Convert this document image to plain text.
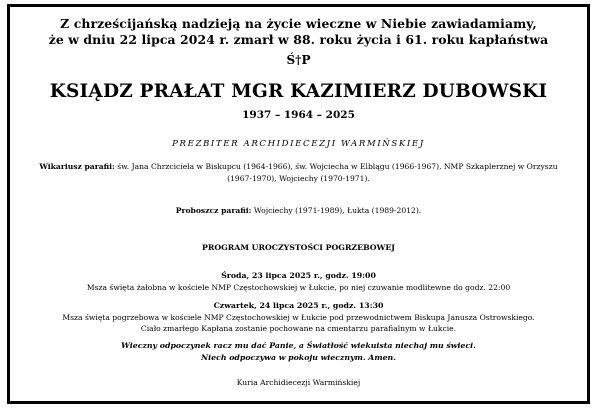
Z chrześcijańską nadzieją na życie wieczne w Niebie zawiadamiamy,
że w dniu 22 lipca 2024 r. zmarł w 88. roku życia i 61. roku kapłaństwa
Ś†P
KSIĄDZ PRAŁAT MGR KAZIMIERZ DUBOWSKI
1937 – 1964 – 2025
PREZBITER ARCHIDIECEZJI WARMIŃSKIEJ
Wikariusz parafii: św. Jana Chrzciciela w Biskupcu (1964-1966), św. Wojciecha w Elblągu (1966-1967), NMP Szkaplerznej w Orzyszu
(1967-1970), Wojciechy (1970-1971).
Proboszcz parafii: Wojciechy (1971-1989), Łukta (1989-2012).
PROGRAM UROCZYSTOŚCI POGRZEBOWEJ
Środa, 23 lipca 2025 r., godz. 19:00
Msza święta żałobna w kościele NMP Częstochowskiej w Łukcie, po niej czuwanie modlitewne do godz. 22:00
Czwartek, 24 lipca 2025 r., godz. 13:30
Msza święta pogrzebowa w kościele NMP Częstochowskiej w Łukcie pod przewodnictwem Biskupa Janusza Ostrowskiego.
Ciało zmarłego Kapłana zostanie pochowane na cmentarzu parafialnym w Łukcie.
Wieczny odpoczynek racz mu dać Panie, a Światłość wiekuista niechaj mu świeci.
Niech odpoczywa w pokoju wiecznym. Amen.
Kuria Archidiecezji Warmińskiej
